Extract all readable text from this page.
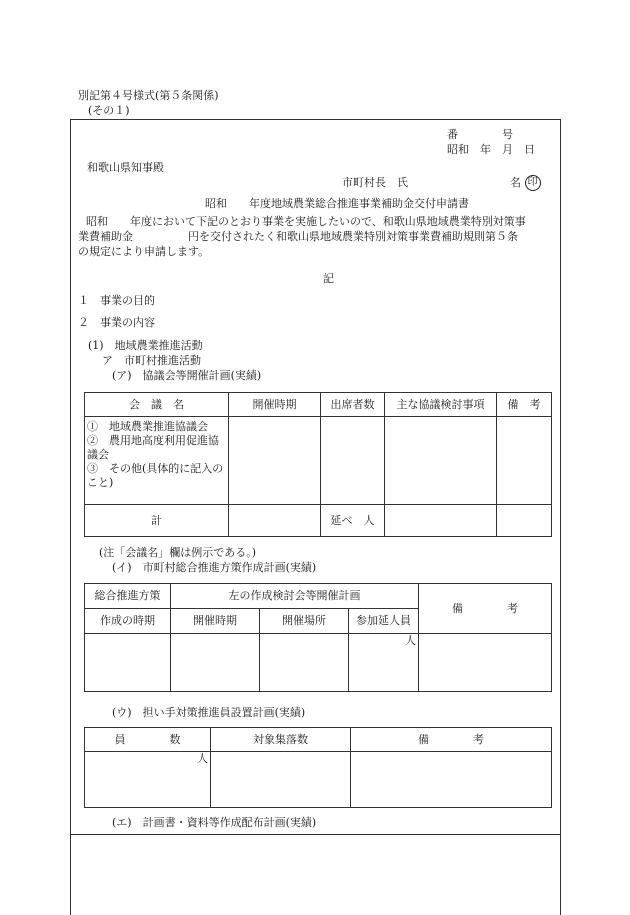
別記第４号様式(第５条関係)
(その１)
番　　　　号
昭和　年　月　日
和歌山県知事殿
市町村長　氏	名 印
昭和　　年度地域農業総合推進事業補助金交付申請書
昭和　　年度において下記のとおり事業を実施したいので、和歌山県地域農業特別対策事
業費補助金　　　　　円を交付されたく和歌山県地域農業特別対策事業費補助規則第５条
の規定により申請します。
記
１　事業の目的
２　事業の内容
(1)　地域農業推進活動
ア　市町村推進活動
(ア)　協議会等開催計画(実績)
会　議　名	開催時期	出席者数	主な協議検討事項	備　考

①　地域農業推進協議会
②　農用地高度利用促進協議会
③　その他(具体的に記入のこと)				

計		延べ　人		
(注「会議名」欄は例示である。)
(イ)　市町村総合推進方策作成計画(実績)
総合推進方策	左の作成検討会等開催計画			備　　　　考
作成の時期	開催時期	開催場所	参加延人員	
			人	
(ウ)　担い手対策推進員設置計画(実績)
員　　　　数	対象集落数	備　　　　考
人		
(エ)　計画書・資料等作成配布計画(実績)
